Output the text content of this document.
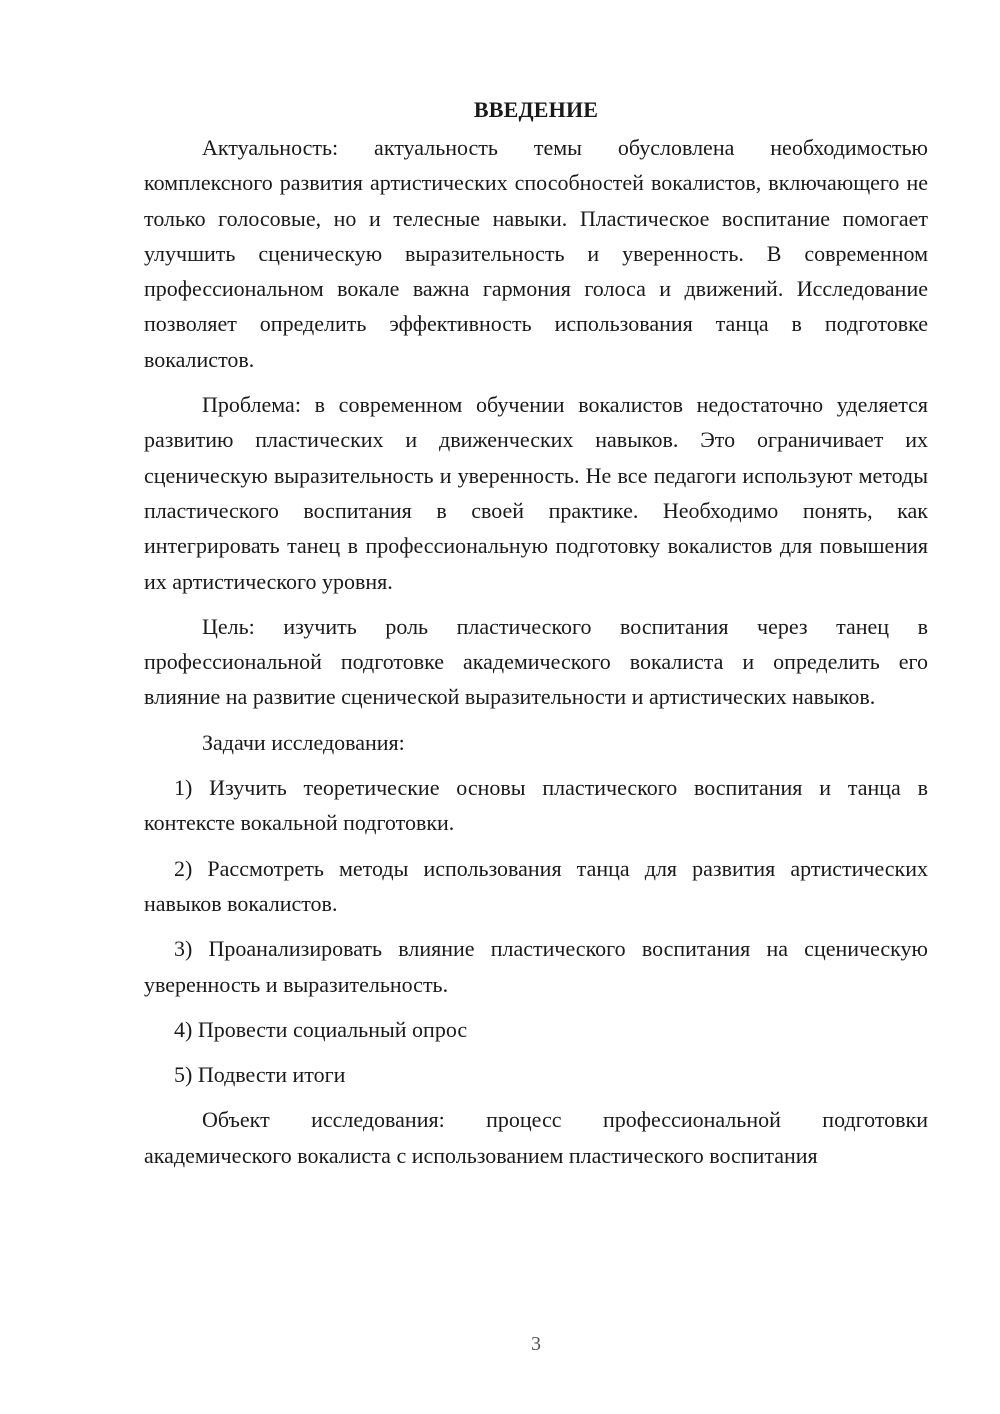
ВВЕДЕНИЕ

Актуальность: актуальность темы обусловлена необходимостью комплексного развития артистических способностей вокалистов, включающего не только голосовые, но и телесные навыки. Пластическое воспитание помогает улучшить сценическую выразительность и уверенность. В современном профессиональном вокале важна гармония голоса и движений. Исследование позволяет определить эффективность использования танца в подготовке вокалистов.

Проблема: в современном обучении вокалистов недостаточно уделяется развитию пластических и движенческих навыков. Это ограничивает их сценическую выразительность и уверенность. Не все педагоги используют методы пластического воспитания в своей практике. Необходимо понять, как интегрировать танец в профессиональную подготовку вокалистов для повышения их артистического уровня.

Цель: изучить роль пластического воспитания через танец в профессиональной подготовке академического вокалиста и определить его влияние на развитие сценической выразительности и артистических навыков.

Задачи исследования:

1) Изучить теоретические основы пластического воспитания и танца в контексте вокальной подготовки.

2) Рассмотреть методы использования танца для развития артистических навыков вокалистов.

3) Проанализировать влияние пластического воспитания на сценическую уверенность и выразительность.

4) Провести социальный опрос

5) Подвести итоги

Объект исследования: процесс профессиональной подготовки академического вокалиста с использованием пластического воспитания

3
